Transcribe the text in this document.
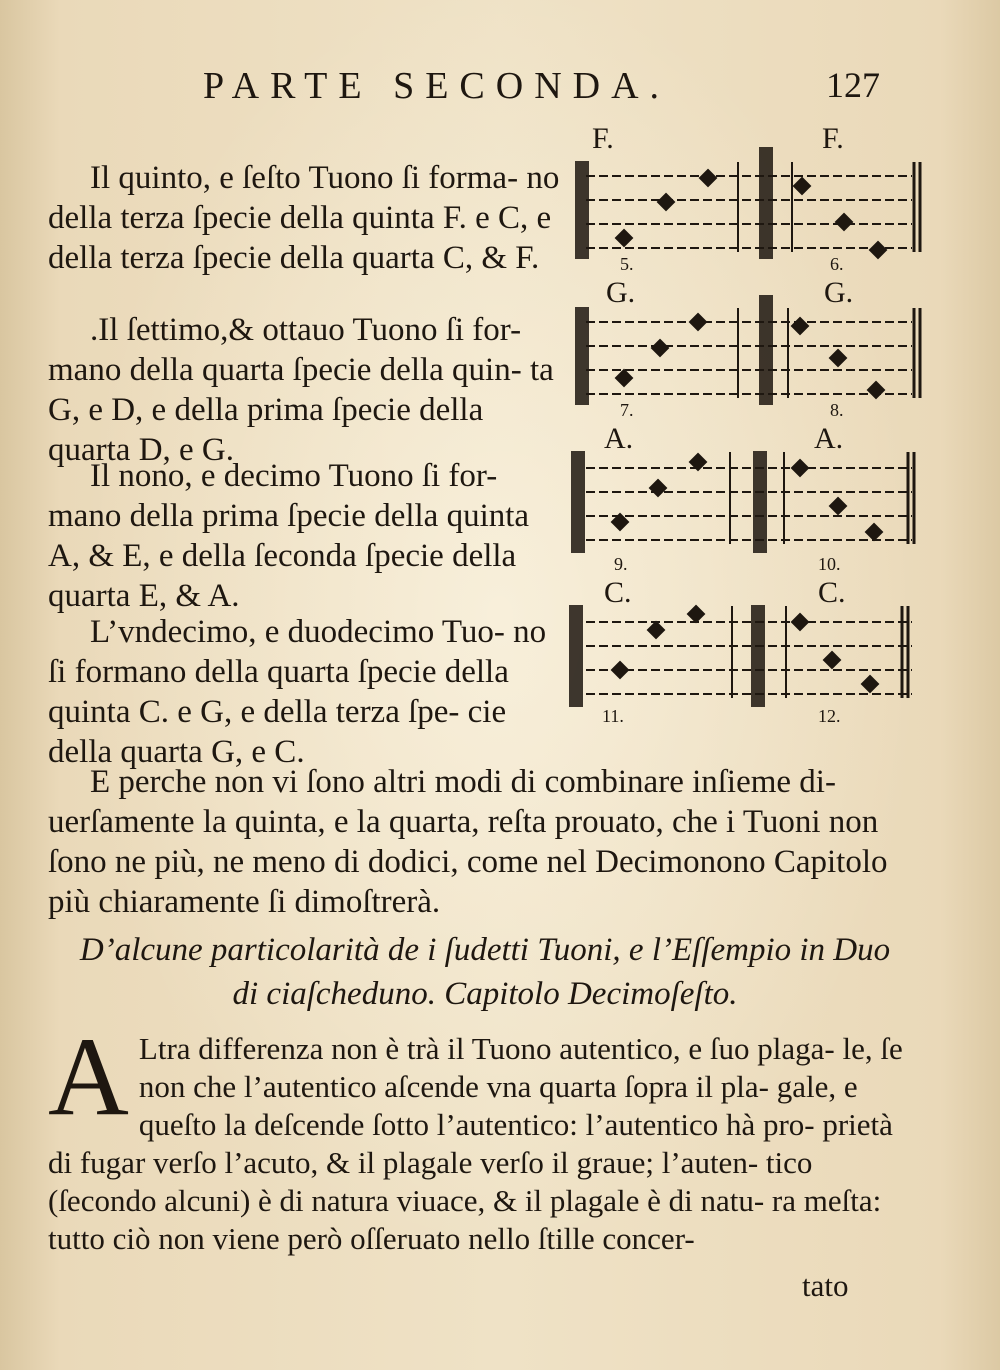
PARTE SECONDA.	127

Il quinto, e ſeſto Tuono ſi forma- no della terza ſpecie della quinta F. e C, e della terza ſpecie della quarta C, & F.

.Il ſettimo,& ottauo Tuono ſi for- mano della quarta ſpecie della quin- ta G, e D, e della prima ſpecie della quarta D, e G.

Il nono, e decimo Tuono ſi for- mano della prima ſpecie della quinta A, & E, e della ſeconda ſpecie della quarta E, & A.

L’vndecimo, e duodecimo Tuo- no ſi formano della quarta ſpecie della quinta C. e G, e della terza ſpe- cie della quarta G, e C.

F.	F.
G.	G.
A.	A.
C.	C.
5.	6.
7.	8.
9.	10.
11.	12.

E perche non vi ſono altri modi di combinare inſieme di- uerſamente la quinta, e la quarta, reſta prouato, che i Tuoni non ſono ne più, ne meno di dodici, come nel Decimonono Capitolo più chiaramente ſi dimoſtrerà.

D’alcune particolarità de i ſudetti Tuoni, e l’Eſſempio in Duo di ciaſcheduno. Capitolo Decimoſeſto.

A Ltra differenza non è trà il Tuono autentico, e ſuo plaga- le, ſe non che l’autentico aſcende vna quarta ſopra il pla- gale, e queſto la deſcende ſotto l’autentico: l’autentico hà pro- prietà di fugar verſo l’acuto, & il plagale verſo il graue; l’auten- tico (ſecondo alcuni) è di natura viuace, & il plagale è di natu- ra meſta: tutto ciò non viene però oſſeruato nello ſtille concer-

tato
